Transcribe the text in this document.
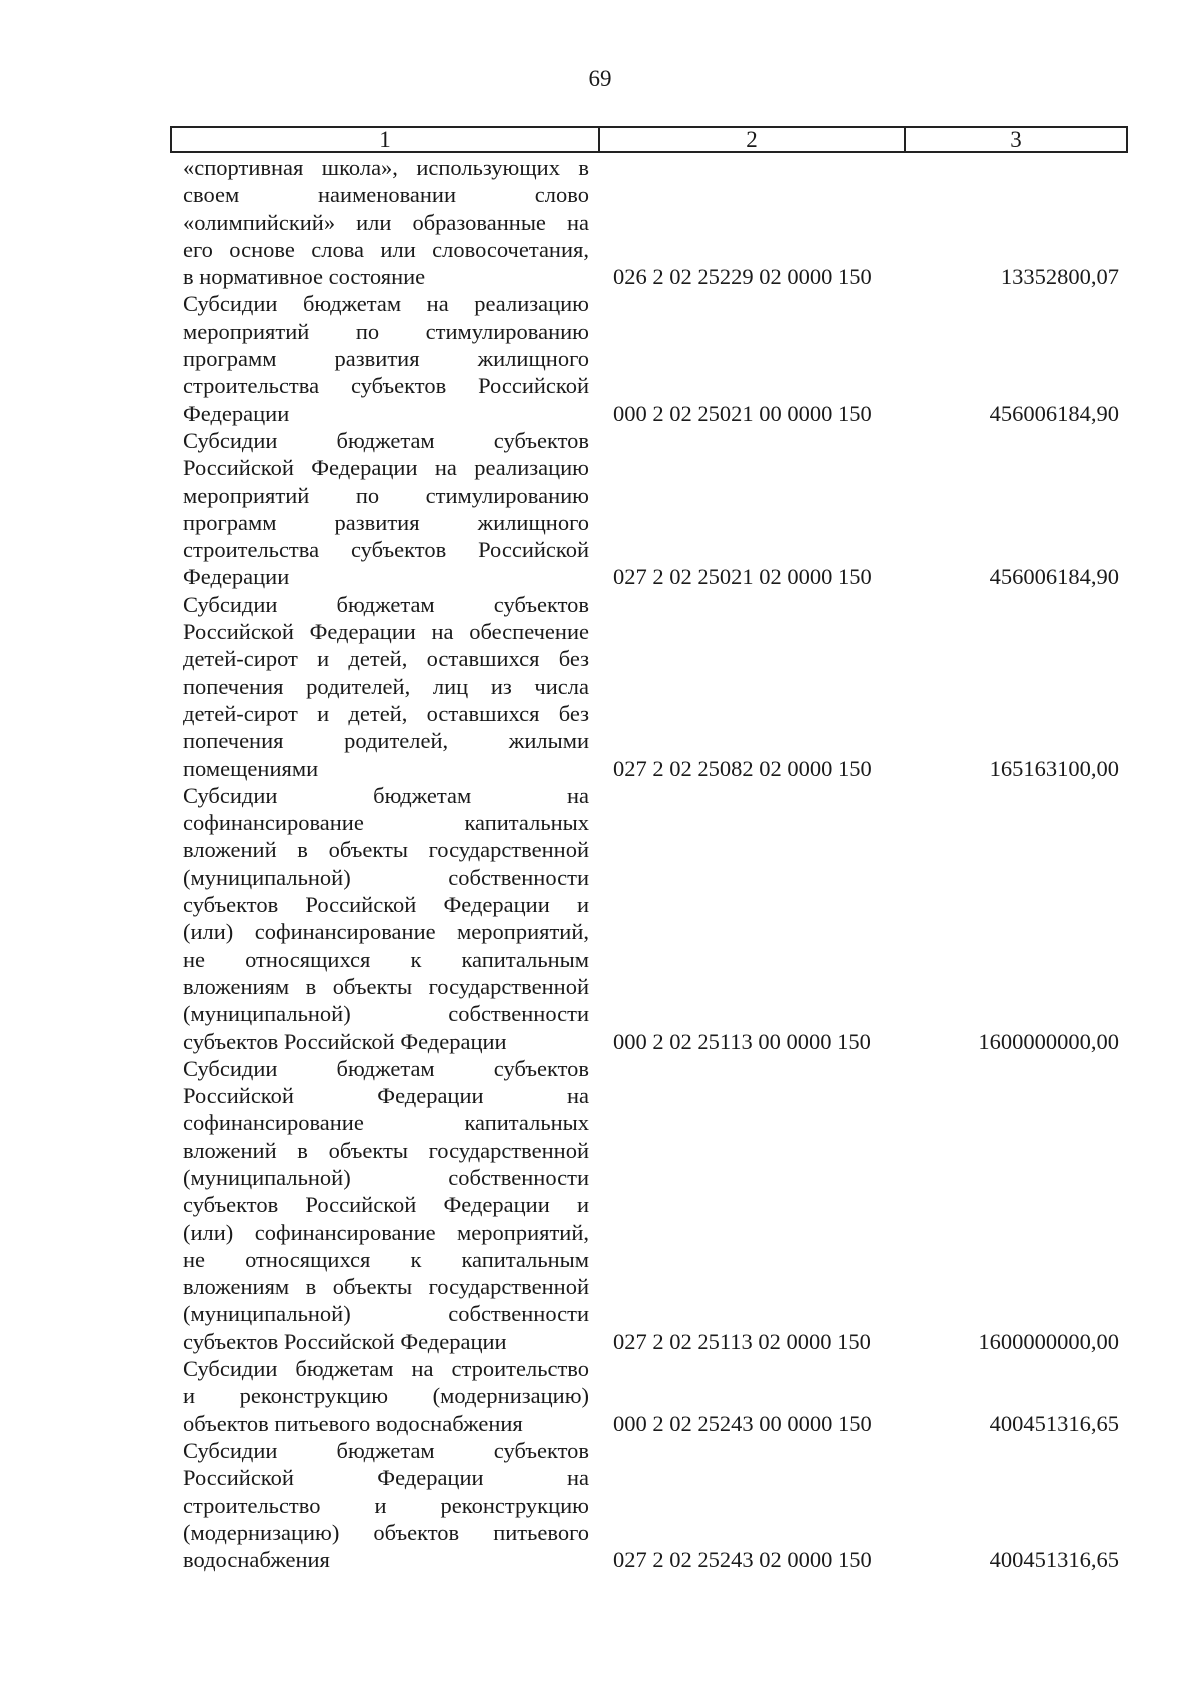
69
1	2	3
«спортивная школа», использующих в
своем наименовании слово
«олимпийский» или образованные на
его основе слова или словосочетания,
в нормативное состояние	026 2 02 25229 02 0000 150	13352800,07
Субсидии бюджетам на реализацию
мероприятий по стимулированию
программ развития жилищного
строительства субъектов Российской
Федерации	000 2 02 25021 00 0000 150	456006184,90
Субсидии бюджетам субъектов
Российской Федерации на реализацию
мероприятий по стимулированию
программ развития жилищного
строительства субъектов Российской
Федерации	027 2 02 25021 02 0000 150	456006184,90
Субсидии бюджетам субъектов
Российской Федерации на обеспечение
детей-сирот и детей, оставшихся без
попечения родителей, лиц из числа
детей-сирот и детей, оставшихся без
попечения родителей, жилыми
помещениями	027 2 02 25082 02 0000 150	165163100,00
Субсидии бюджетам на
софинансирование капитальных
вложений в объекты государственной
(муниципальной) собственности
субъектов Российской Федерации и
(или) софинансирование мероприятий,
не относящихся к капитальным
вложениям в объекты государственной
(муниципальной) собственности
субъектов Российской Федерации	000 2 02 25113 00 0000 150	1600000000,00
Субсидии бюджетам субъектов
Российской Федерации на
софинансирование капитальных
вложений в объекты государственной
(муниципальной) собственности
субъектов Российской Федерации и
(или) софинансирование мероприятий,
не относящихся к капитальным
вложениям в объекты государственной
(муниципальной) собственности
субъектов Российской Федерации	027 2 02 25113 02 0000 150	1600000000,00
Субсидии бюджетам на строительство
и реконструкцию (модернизацию)
объектов питьевого водоснабжения	000 2 02 25243 00 0000 150	400451316,65
Субсидии бюджетам субъектов
Российской Федерации на
строительство и реконструкцию
(модернизацию) объектов питьевого
водоснабжения	027 2 02 25243 02 0000 150	400451316,65
